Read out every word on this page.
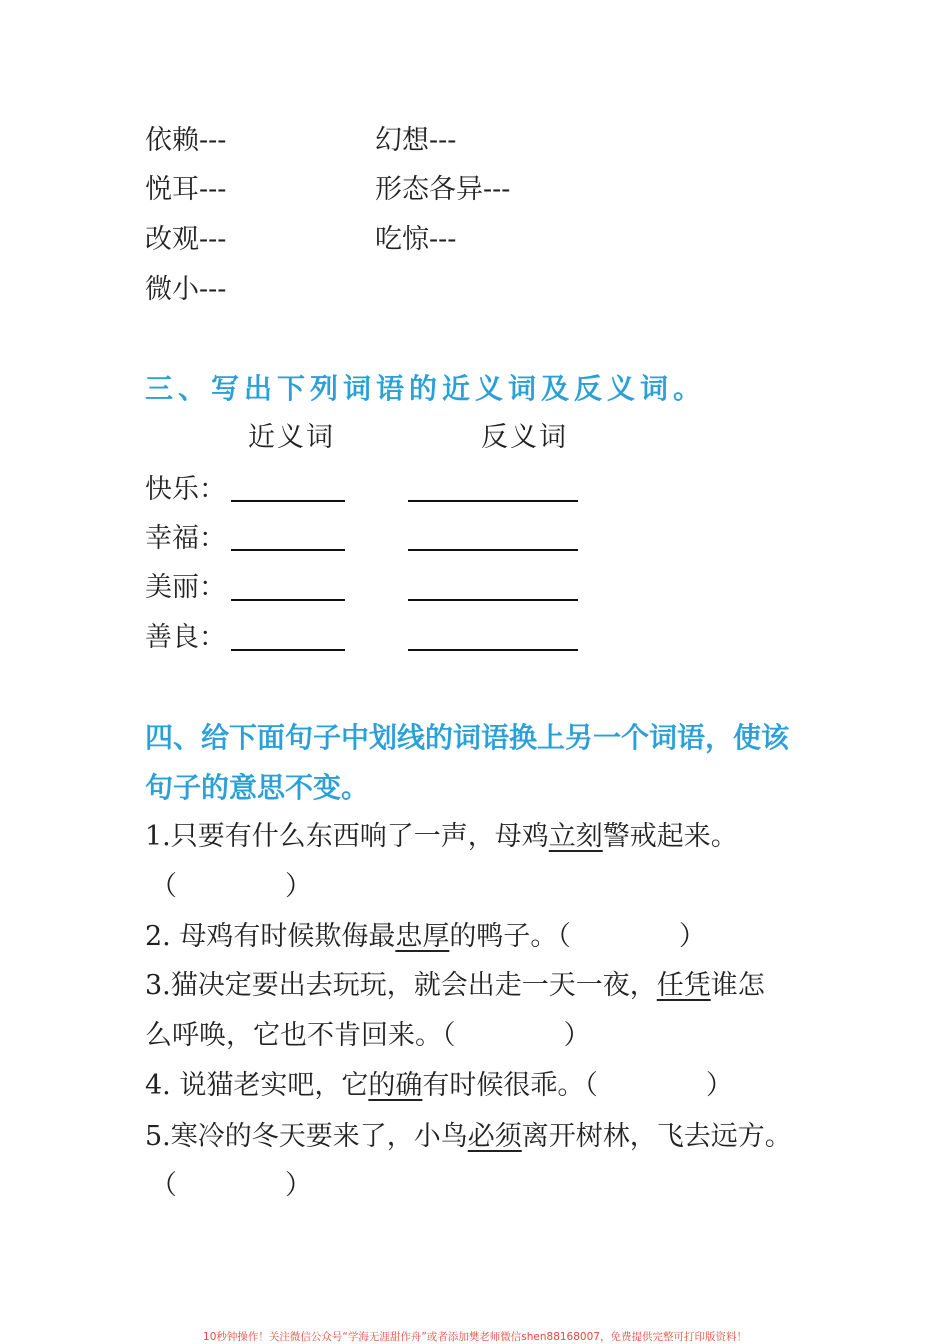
依赖---
悦耳---
改观---
微小---
幻想---
形态各异---
吃惊---
三、写出下列词语的近义词及反义词。
近义词	反义词
快乐：
幸福：
美丽：
善良：
四、给下面句子中划线的词语换上另一个词语，使该
句子的意思不变。
1.只要有什么东西响了一声，母鸡立刻警戒起来。
（　　　　）
2. 母鸡有时候欺侮最忠厚的鸭子。（　　　　）
3.猫决定要出去玩玩，就会出走一天一夜，任凭谁怎
么呼唤，它也不肯回来。（　　　　）
4. 说猫老实吧，它的确有时候很乖。（　　　　）
5.寒冷的冬天要来了，小鸟必须离开树林，飞去远方。
（　　　　）
10秒钟操作！关注微信公众号“学海无涯甜作舟”或者添加樊老师微信shen88168007，免费提供完整可打印版资料！
